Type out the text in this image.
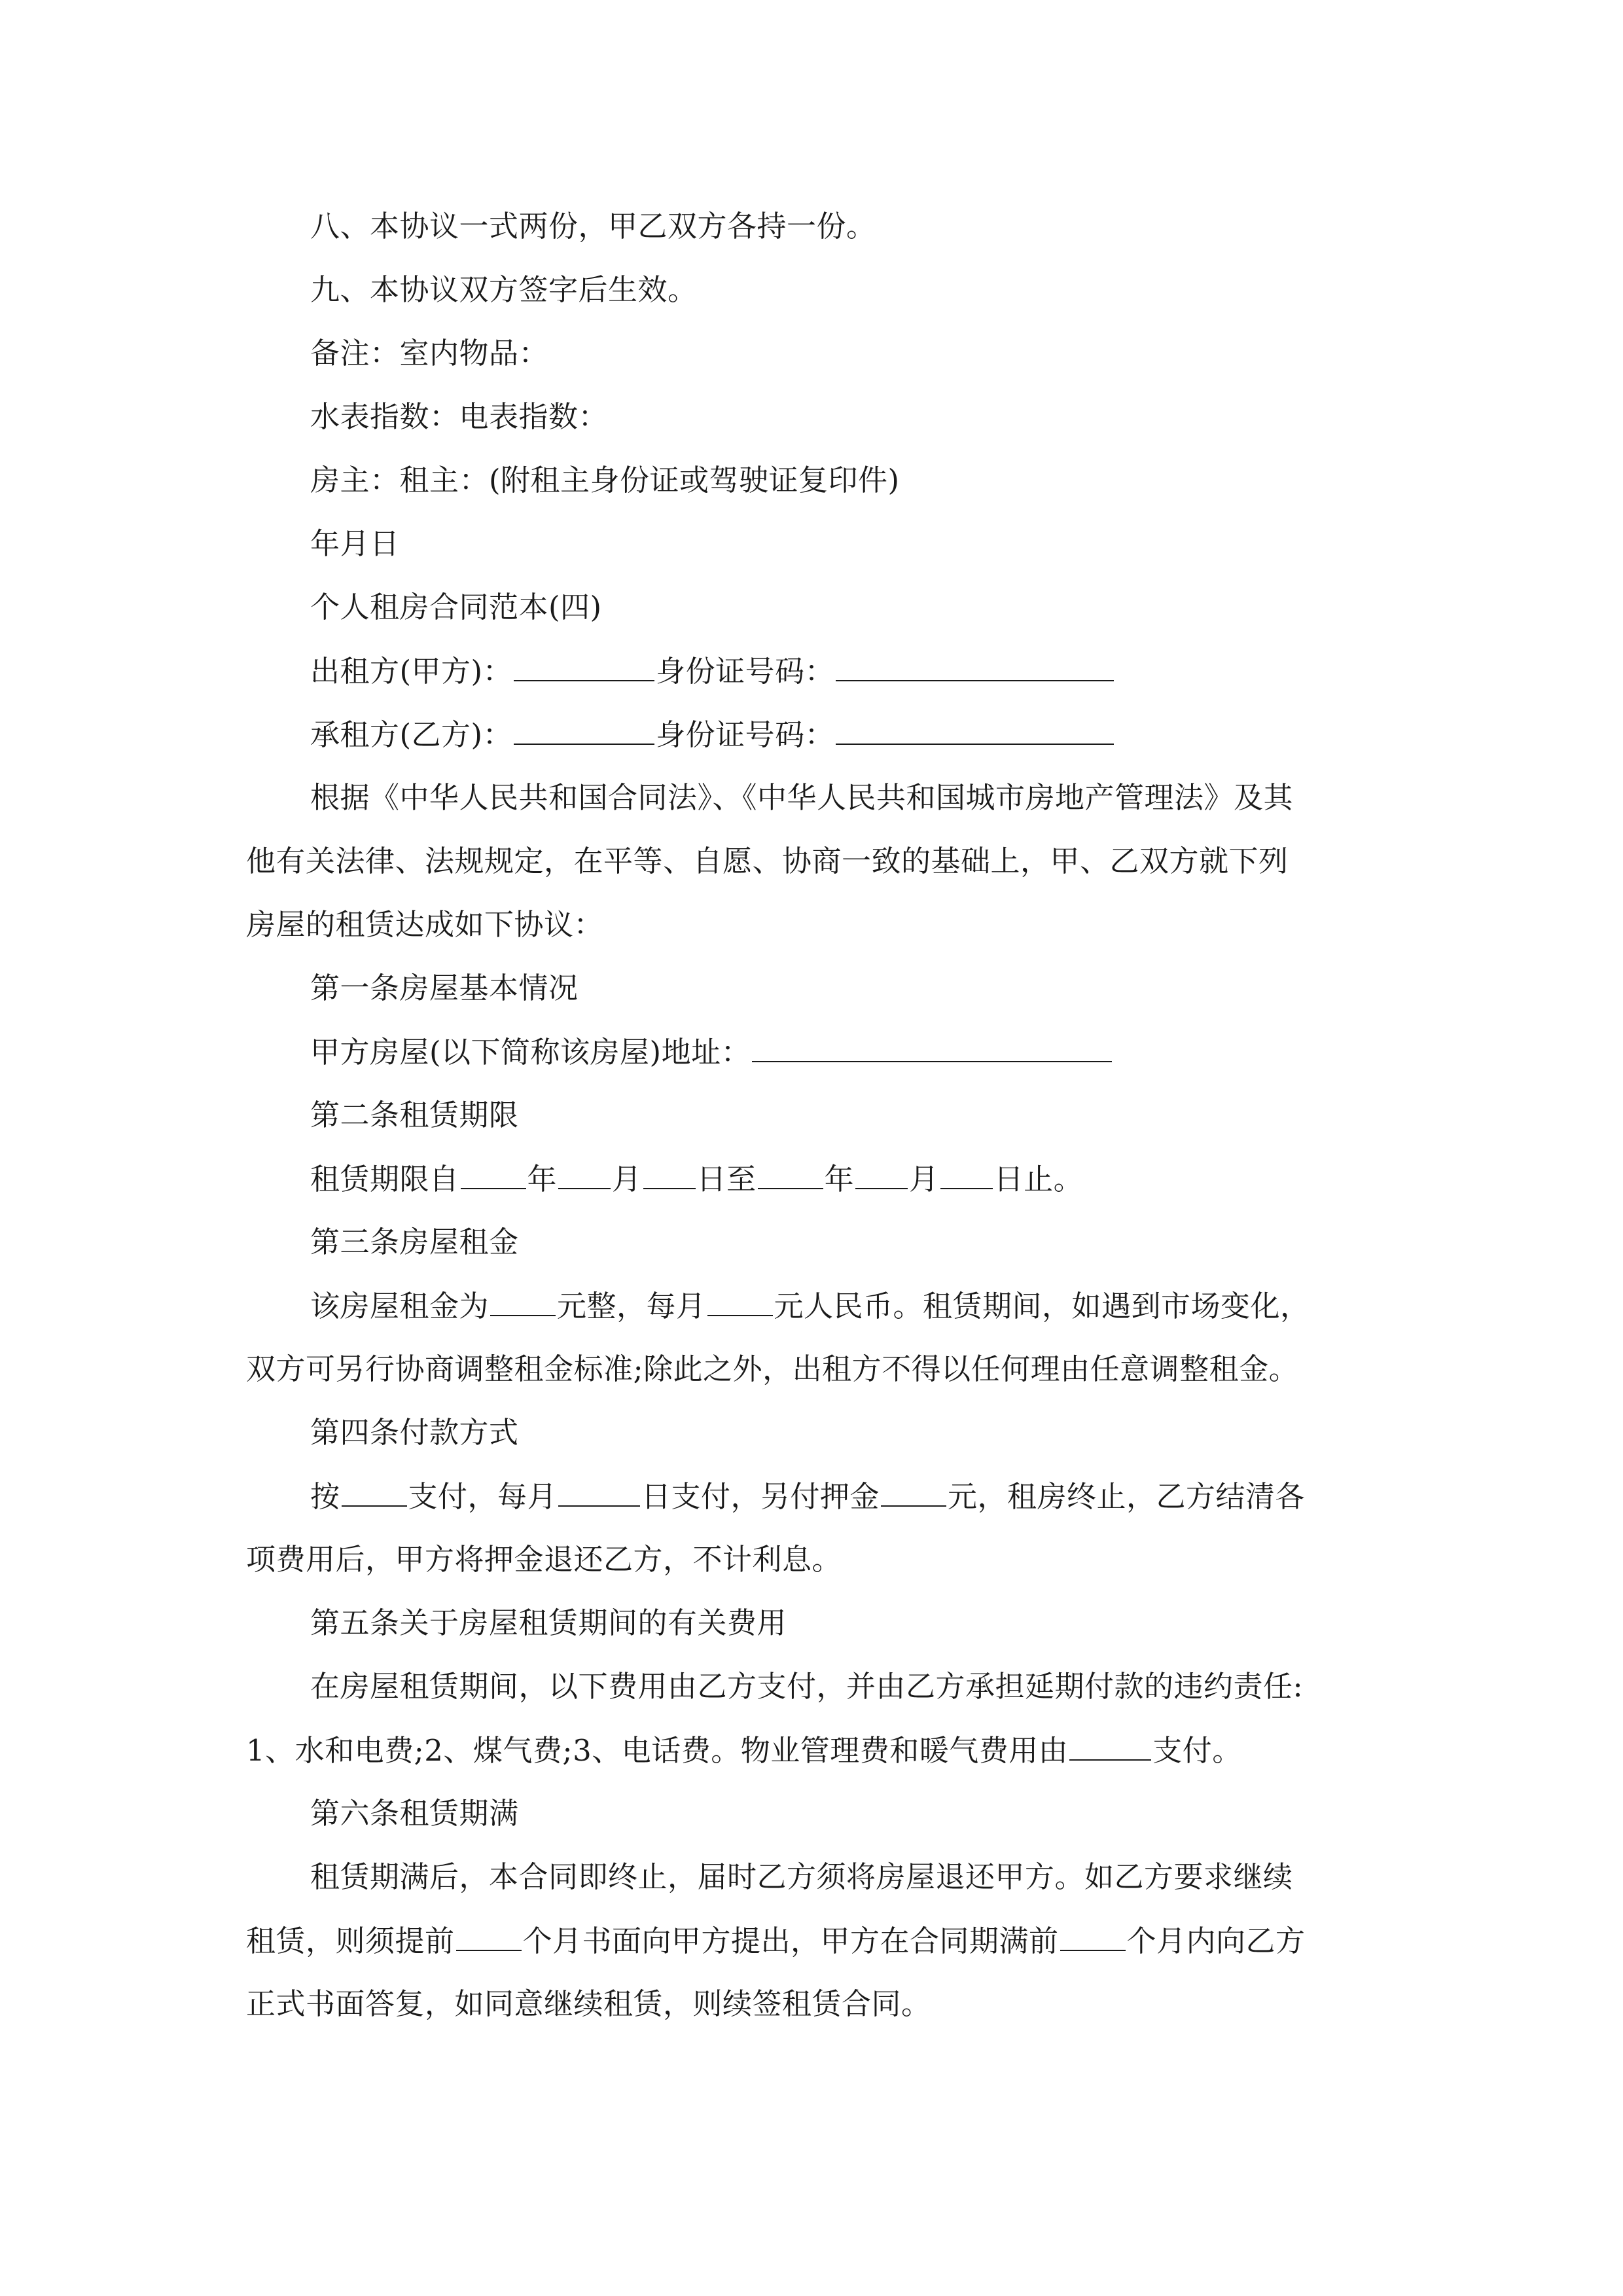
八、本协议一式两份，甲乙双方各持一份。
九、本协议双方签字后生效。
备注：室内物品：
水表指数：电表指数：
房主：租主：(附租主身份证或驾驶证复印件)
年月日
个人租房合同范本(四)
出租方(甲方)：	身份证号码：
承租方(乙方)：	身份证号码：
根据《中华人民共和国合同法》、《中华人民共和国城市房地产管理法》及其
他有关法律、法规规定，在平等、自愿、协商一致的基础上，甲、乙双方就下列
房屋的租赁达成如下协议：
第一条房屋基本情况
甲方房屋(以下简称该房屋)地址：
第二条租赁期限
租赁期限自 年 月 日至 年 月 日止。
第三条房屋租金
该房屋租金为 元整，每月 元人民币。租赁期间，如遇到市场变化，
双方可另行协商调整租金标准;除此之外，出租方不得以任何理由任意调整租金。
第四条付款方式
按 支付，每月	日支付，另付押金 元，租房终止，乙方结清各
项费用后，甲方将押金退还乙方，不计利息。
第五条关于房屋租赁期间的有关费用
在房屋租赁期间，以下费用由乙方支付，并由乙方承担延期付款的违约责任:
1、水和电费;2、煤气费;3、电话费。物业管理费和暖气费用由	支付。
第六条租赁期满
租赁期满后，本合同即终止，届时乙方须将房屋退还甲方。如乙方要求继续
租赁，则须提前 个月书面向甲方提出，甲方在合同期满前 个月内向乙方
正式书面答复，如同意继续租赁，则续签租赁合同。
